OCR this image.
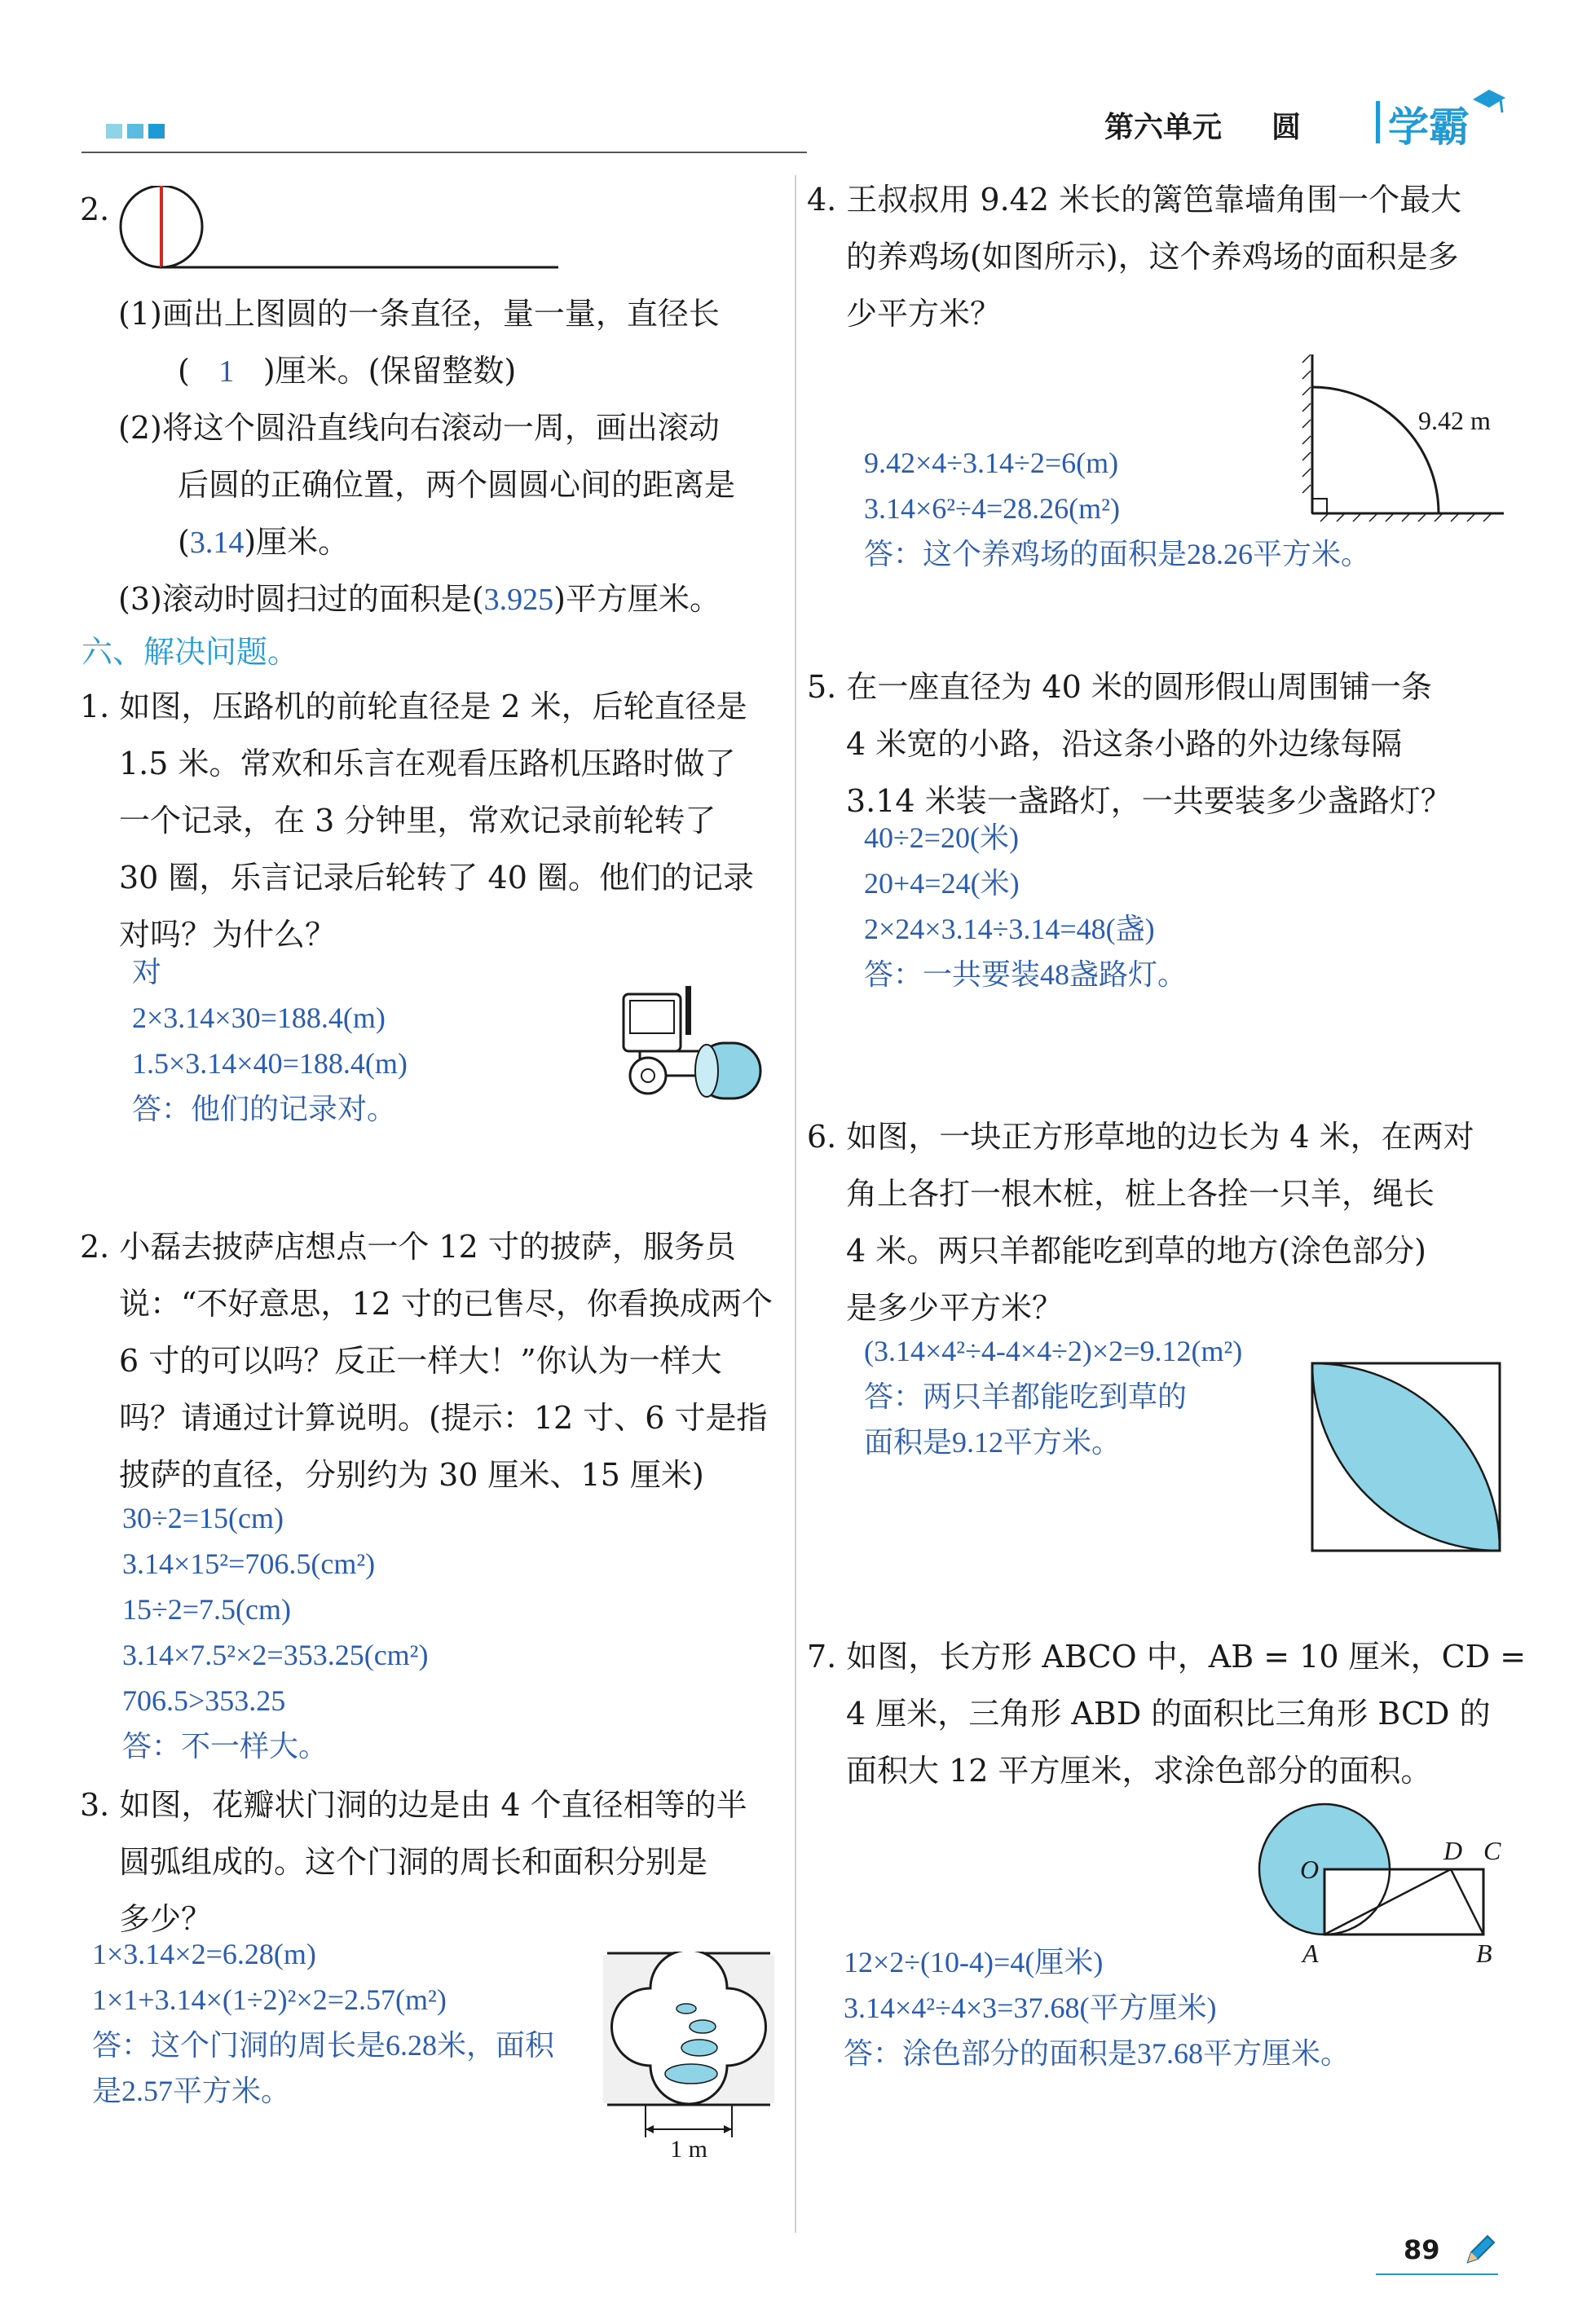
第六单元 圆 学霸
2.
(1)画出上图圆的一条直径，量一量，直径长
( 1 )厘米。(保留整数)
(2)将这个圆沿直线向右滚动一周，画出滚动
后圆的正确位置，两个圆圆心间的距离是
(3.14)厘米。
(3)滚动时圆扫过的面积是(3.925)平方厘米。
六、解决问题。
1. 如图，压路机的前轮直径是 2 米，后轮直径是
1.5 米。常欢和乐言在观看压路机压路时做了
一个记录，在 3 分钟里，常欢记录前轮转了
30 圈，乐言记录后轮转了 40 圈。他们的记录
对吗？为什么？
对
2×3.14×30=188.4(m)
1.5×3.14×40=188.4(m)
答：他们的记录对。
2. 小磊去披萨店想点一个 12 寸的披萨，服务员
说：“不好意思，12 寸的已售尽，你看换成两个
6 寸的可以吗？反正一样大！”你认为一样大
吗？请通过计算说明。(提示：12 寸、6 寸是指
披萨的直径，分别约为 30 厘米、15 厘米)
30÷2=15(cm)
3.14×15²=706.5(cm²)
15÷2=7.5(cm)
3.14×7.5²×2=353.25(cm²)
706.5>353.25
答：不一样大。
3. 如图，花瓣状门洞的边是由 4 个直径相等的半
圆弧组成的。这个门洞的周长和面积分别是
多少？
1×3.14×2=6.28(m)
1×1+3.14×(1÷2)²×2=2.57(m²)
答：这个门洞的周长是6.28米，面积
是2.57平方米。
1 m
4. 王叔叔用 9.42 米长的篱笆靠墙角围一个最大
的养鸡场(如图所示)，这个养鸡场的面积是多
少平方米？
9.42×4÷3.14÷2=6(m)
3.14×6²÷4=28.26(m²)
答：这个养鸡场的面积是28.26平方米。
9.42 m
5. 在一座直径为 40 米的圆形假山周围铺一条
4 米宽的小路，沿这条小路的外边缘每隔
3.14 米装一盏路灯，一共要装多少盏路灯？
40÷2=20(米)
20+4=24(米)
2×24×3.14÷3.14=48(盏)
答：一共要装48盏路灯。
6. 如图，一块正方形草地的边长为 4 米，在两对
角上各打一根木桩，桩上各拴一只羊，绳长
4 米。两只羊都能吃到草的地方(涂色部分)
是多少平方米？
(3.14×4²÷4-4×4÷2)×2=9.12(m²)
答：两只羊都能吃到草的
面积是9.12平方米。
7. 如图，长方形 ABCO 中，AB = 10 厘米，CD =
4 厘米，三角形 ABD 的面积比三角形 BCD 的
面积大 12 平方厘米，求涂色部分的面积。
O
D C
A	B
12×2÷(10-4)=4(厘米)
3.14×4²÷4×3=37.68(平方厘米)
答：涂色部分的面积是37.68平方厘米。
89
